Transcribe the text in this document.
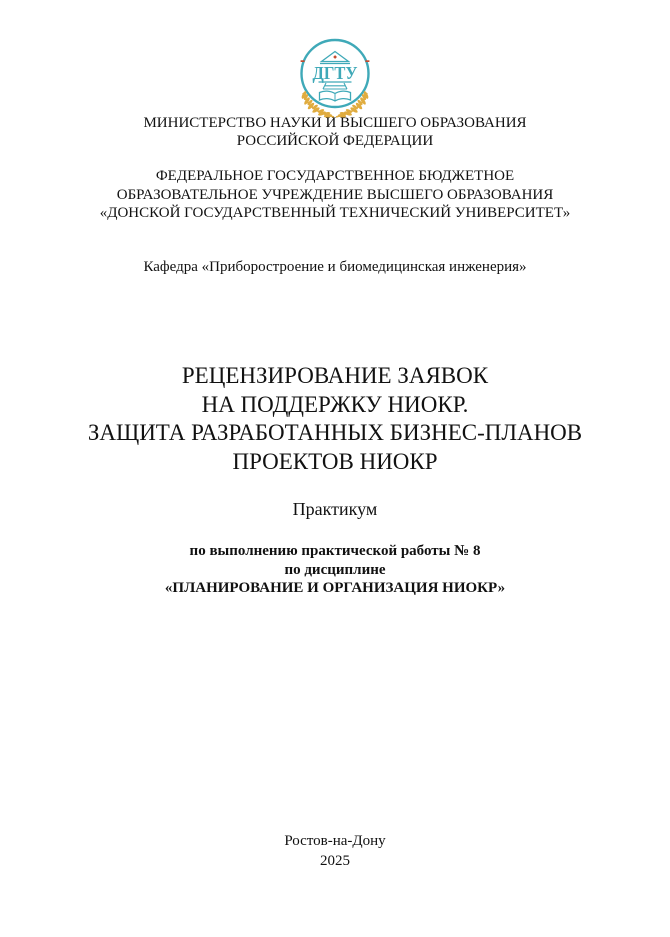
ДГТУ
МИНИСТЕРСТВО НАУКИ И ВЫСШЕГО ОБРАЗОВАНИЯ
РОССИЙСКОЙ ФЕДЕРАЦИИ
ФЕДЕРАЛЬНОЕ ГОСУДАРСТВЕННОЕ БЮДЖЕТНОЕ
ОБРАЗОВАТЕЛЬНОЕ УЧРЕЖДЕНИЕ ВЫСШЕГО ОБРАЗОВАНИЯ
«ДОНСКОЙ ГОСУДАРСТВЕННЫЙ ТЕХНИЧЕСКИЙ УНИВЕРСИТЕТ»
Кафедра «Приборостроение и биомедицинская инженерия»
РЕЦЕНЗИРОВАНИЕ ЗАЯВОК
НА ПОДДЕРЖКУ НИОКР.
ЗАЩИТА РАЗРАБОТАННЫХ БИЗНЕС-ПЛАНОВ
ПРОЕКТОВ НИОКР
Практикум
по выполнению практической работы № 8
по дисциплине
«ПЛАНИРОВАНИЕ И ОРГАНИЗАЦИЯ НИОКР»
Ростов-на-Дону
2025
